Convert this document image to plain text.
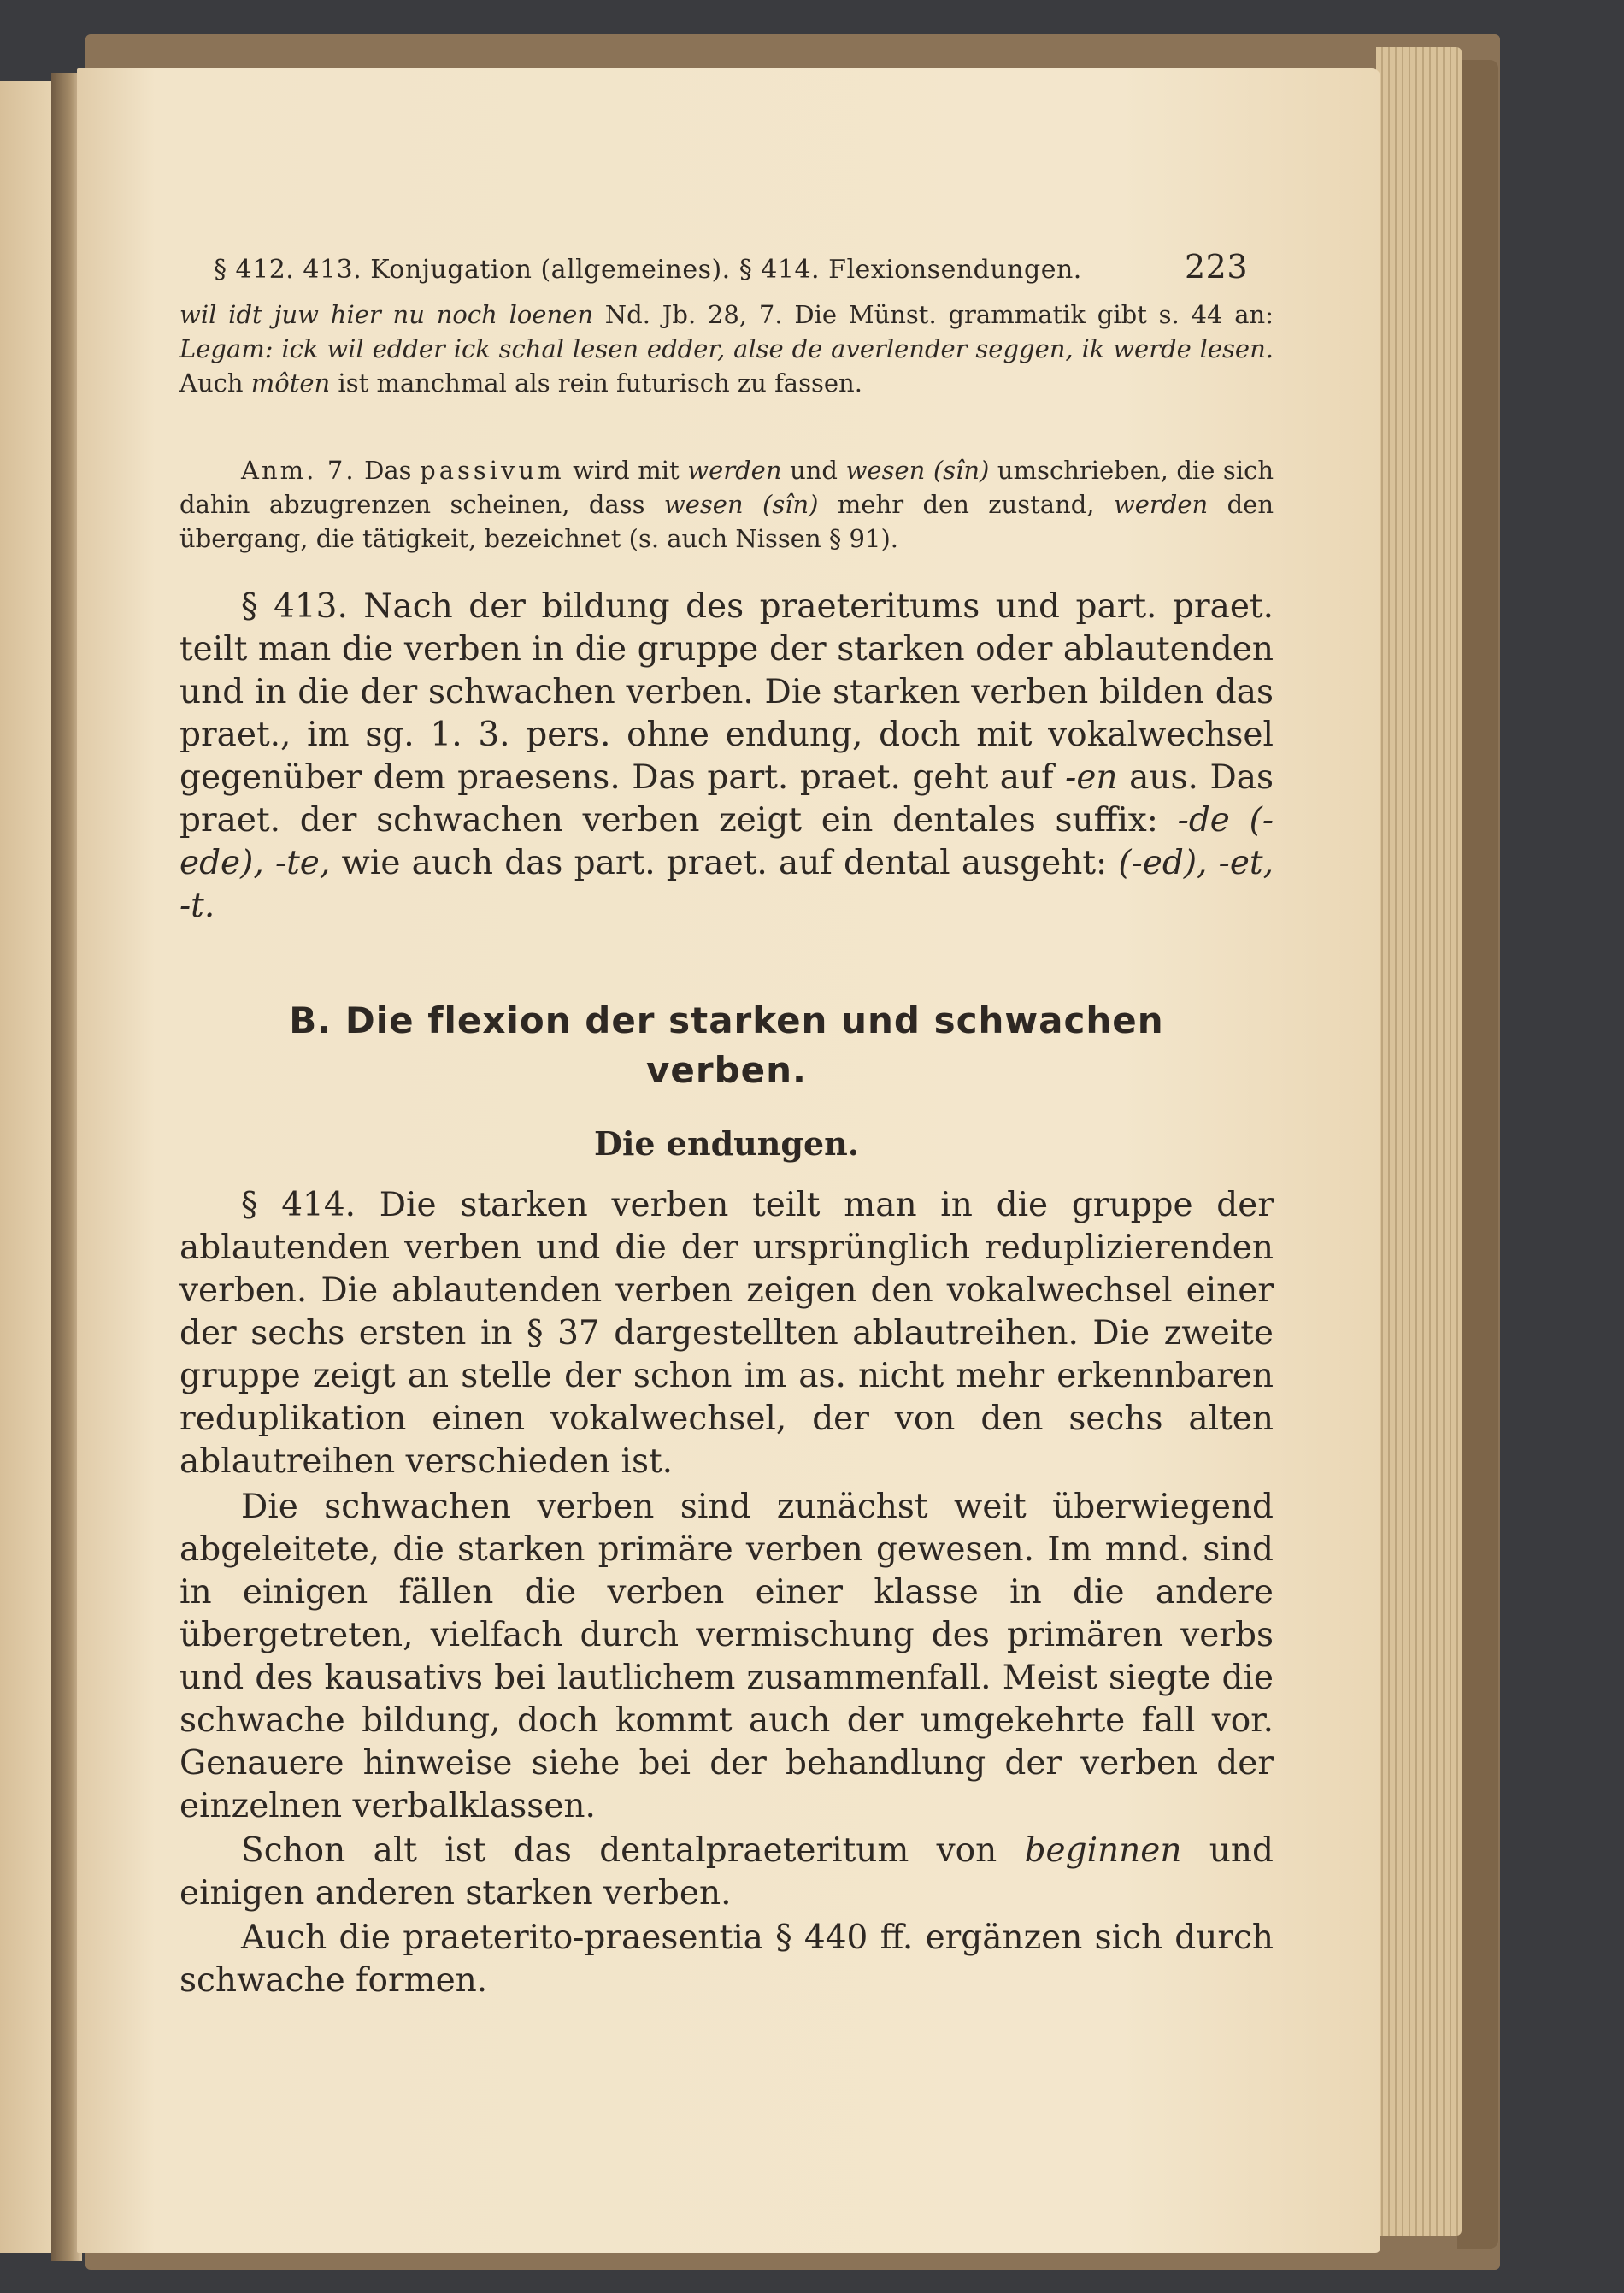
§ 412. 413. Konjugation (allgemeines). § 414. Flexionsendungen.	223

wil idt juw hier nu noch loenen Nd. Jb. 28, 7. Die Münst. grammatik gibt s. 44 an: Legam: ick wil edder ick schal lesen edder, alse de averlender seggen, ik werde lesen. Auch môten ist manchmal als rein futurisch zu fassen.

Anm. 7. Das passivum wird mit werden und wesen (sîn) umschrieben, die sich dahin abzugrenzen scheinen, dass wesen (sîn) mehr den zustand, werden den übergang, die tätigkeit, bezeichnet (s. auch Nissen § 91).

§ 413. Nach der bildung des praeteritums und part. praet. teilt man die verben in die gruppe der starken oder ablautenden und in die der schwachen verben. Die starken verben bilden das praet., im sg. 1. 3. pers. ohne endung, doch mit vokalwechsel gegenüber dem praesens. Das part. praet. geht auf -en aus. Das praet. der schwachen verben zeigt ein dentales suffix: -de (-ede), -te, wie auch das part. praet. auf dental ausgeht: (-ed), -et, -t.

B. Die flexion der starken und schwachen
verben.
Die endungen.

§ 414. Die starken verben teilt man in die gruppe der ablautenden verben und die der ursprünglich reduplizierenden verben. Die ablautenden verben zeigen den vokalwechsel einer der sechs ersten in § 37 dargestellten ablautreihen. Die zweite gruppe zeigt an stelle der schon im as. nicht mehr erkennbaren reduplikation einen vokalwechsel, der von den sechs alten ablautreihen verschieden ist.

Die schwachen verben sind zunächst weit überwiegend abgeleitete, die starken primäre verben gewesen. Im mnd. sind in einigen fällen die verben einer klasse in die andere übergetreten, vielfach durch vermischung des primären verbs und des kausativs bei lautlichem zusammenfall. Meist siegte die schwache bildung, doch kommt auch der umgekehrte fall vor. Genauere hinweise siehe bei der behandlung der verben der einzelnen verbalklassen.

Schon alt ist das dentalpraeteritum von beginnen und einigen anderen starken verben.

Auch die praeterito-praesentia § 440 ff. ergänzen sich durch schwache formen.
